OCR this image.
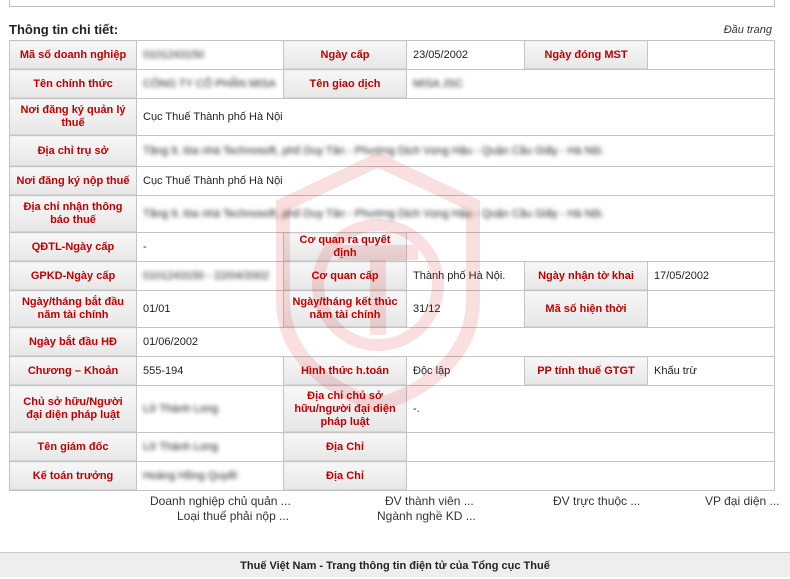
Thông tin chi tiết:	Đầu trang
Mã số doanh nghiệp	0101243150	Ngày cấp	23/05/2002	Ngày đóng MST	
Tên chính thức	CÔNG TY CỔ PHẦN MISA	Tên giao dịch	MISA JSC		
Nơi đăng ký quản lý thuế	Cục Thuế Thành phố Hà Nội				
Địa chỉ trụ sở	Tầng 9, tòa nhà Technosoft, phố Duy Tân - Phường Dịch Vọng Hậu - Quận Cầu Giấy - Hà Nội.				
Nơi đăng ký nộp thuế	Cục Thuế Thành phố Hà Nội				
Địa chỉ nhận thông báo thuế	Tầng 9, tòa nhà Technosoft, phố Duy Tân - Phường Dịch Vọng Hậu - Quận Cầu Giấy - Hà Nội.				
QĐTL-Ngày cấp	-	Cơ quan ra quyết định			
GPKD-Ngày cấp	0101243150 - 22/04/2002	Cơ quan cấp	Thành phố Hà Nội.	Ngày nhận tờ khai	17/05/2002
Ngày/tháng bắt đầu năm tài chính	01/01	Ngày/tháng kết thúc năm tài chính	31/12	Mã số hiện thời	
Ngày bắt đầu HĐ	01/06/2002				
Chương – Khoản	555-194	Hình thức h.toán	Độc lập	PP tính thuế GTGT	Khấu trừ
Chủ sở hữu/Người đại diện pháp luật	Lữ Thành Long	Địa chỉ chủ sở hữu/người đại diện pháp luật	-.		
Tên giám đốc	Lữ Thành Long	Địa Chỉ			
Kế toán trưởng	Hoàng Hồng Quyết	Địa Chỉ			
Doanh nghiệp chủ quản ...	ĐV thành viên ...	ĐV trực thuộc ...	VP đại diện ...
Loại thuế phải nộp ...	Ngành nghề KD ...
Thuế Việt Nam - Trang thông tin điện tử của Tổng cục Thuế
